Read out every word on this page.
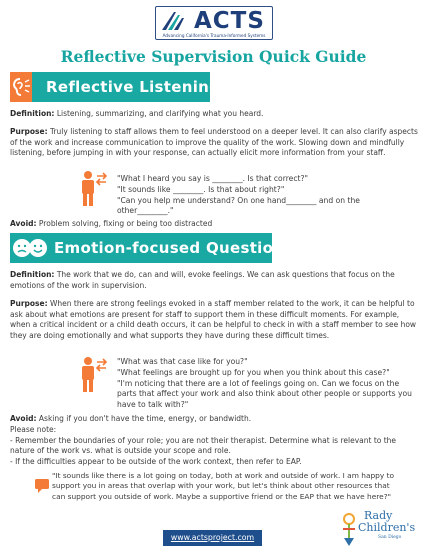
ACTS
Advancing California's Trauma-Informed Systems
Reflective Supervision Quick Guide
Reflective Listening

Definition: Listening, summarizing, and clarifying what you heard.

Purpose: Truly listening to staff allows them to feel understood on a deeper level. It can also clarify aspects of the work and increase communication to improve the quality of the work. Slowing down and mindfully listening, before jumping in with your response, can actually elicit more information from your staff.

"What I heard you say is ________. Is that correct?"
"It sounds like ________. Is that about right?"
"Can you help me understand? On one hand________ and on the
other________."

Avoid: Problem solving, fixing or being too distracted

Emotion-focused Questions

Definition: The work that we do, can and will, evoke feelings. We can ask questions that focus on the emotions of the work in supervision.

Purpose: When there are strong feelings evoked in a staff member related to the work, it can be helpful to ask about what emotions are present for staff to support them in these difficult moments. For example, when a critical incident or a child death occurs, it can be helpful to check in with a staff member to see how they are doing emotionally and what supports they have during these difficult times.

"What was that case like for you?"
"What feelings are brought up for you when you think about this case?"
"I'm noticing that there are a lot of feelings going on. Can we focus on the
parts that affect your work and also think about other people or supports you
have to talk with?"

Avoid: Asking if you don't have the time, energy, or bandwidth.

Please note:
- Remember the boundaries of your role; you are not their therapist. Determine what is relevant to the nature of the work vs. what is outside your scope and role.
- If the difficulties appear to be outside of the work context, then refer to EAP.

"It sounds like there is a lot going on today, both at work and outside of work. I am happy to support you in areas that overlap with your work, but let's think about other resources that can support you outside of work. Maybe a supportive friend or the EAP that we have here?"

www.actsproject.com
Rady
Children's
San Diego
